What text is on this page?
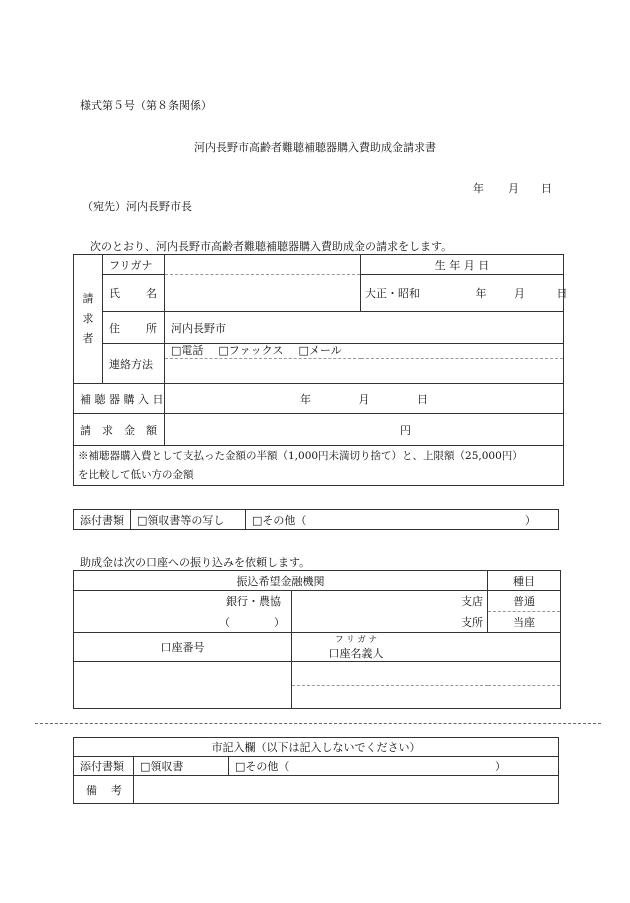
様式第５号（第８条関係）
河内長野市高齢者難聴補聴器購入費助成金請求書
年 月 日
（宛先）河内長野市長
次のとおり、河内長野市高齢者難聴補聴器購入費助成金の請求をします。
請
求
者	フリガナ		生 年 月 日
	氏 名		大正・昭和 年 月 日
	住 所	河内長野市	
	連絡方法	□電話 □ファックス □メール	

補 聴 器 購 入 日		年 月 日	
請　求　金　額		円	

※補聴器購入費として支払った金額の半額（1,000円未満切り捨て）と、上限額（25,000円）
を比較して低い方の金額			
添付書類	□領収書等の写し	□その他（	）
助成金は次の口座への振り込みを依頼します。
振込希望金融機関		種目
銀行・農協	支店	普通
（ ）	支所	当座
口座番号	フ リ ガ ナ
口座名義人	

市記入欄（以下は記入しないでください）		
添付書類	□領収書	□その他（ ）

備 考		
